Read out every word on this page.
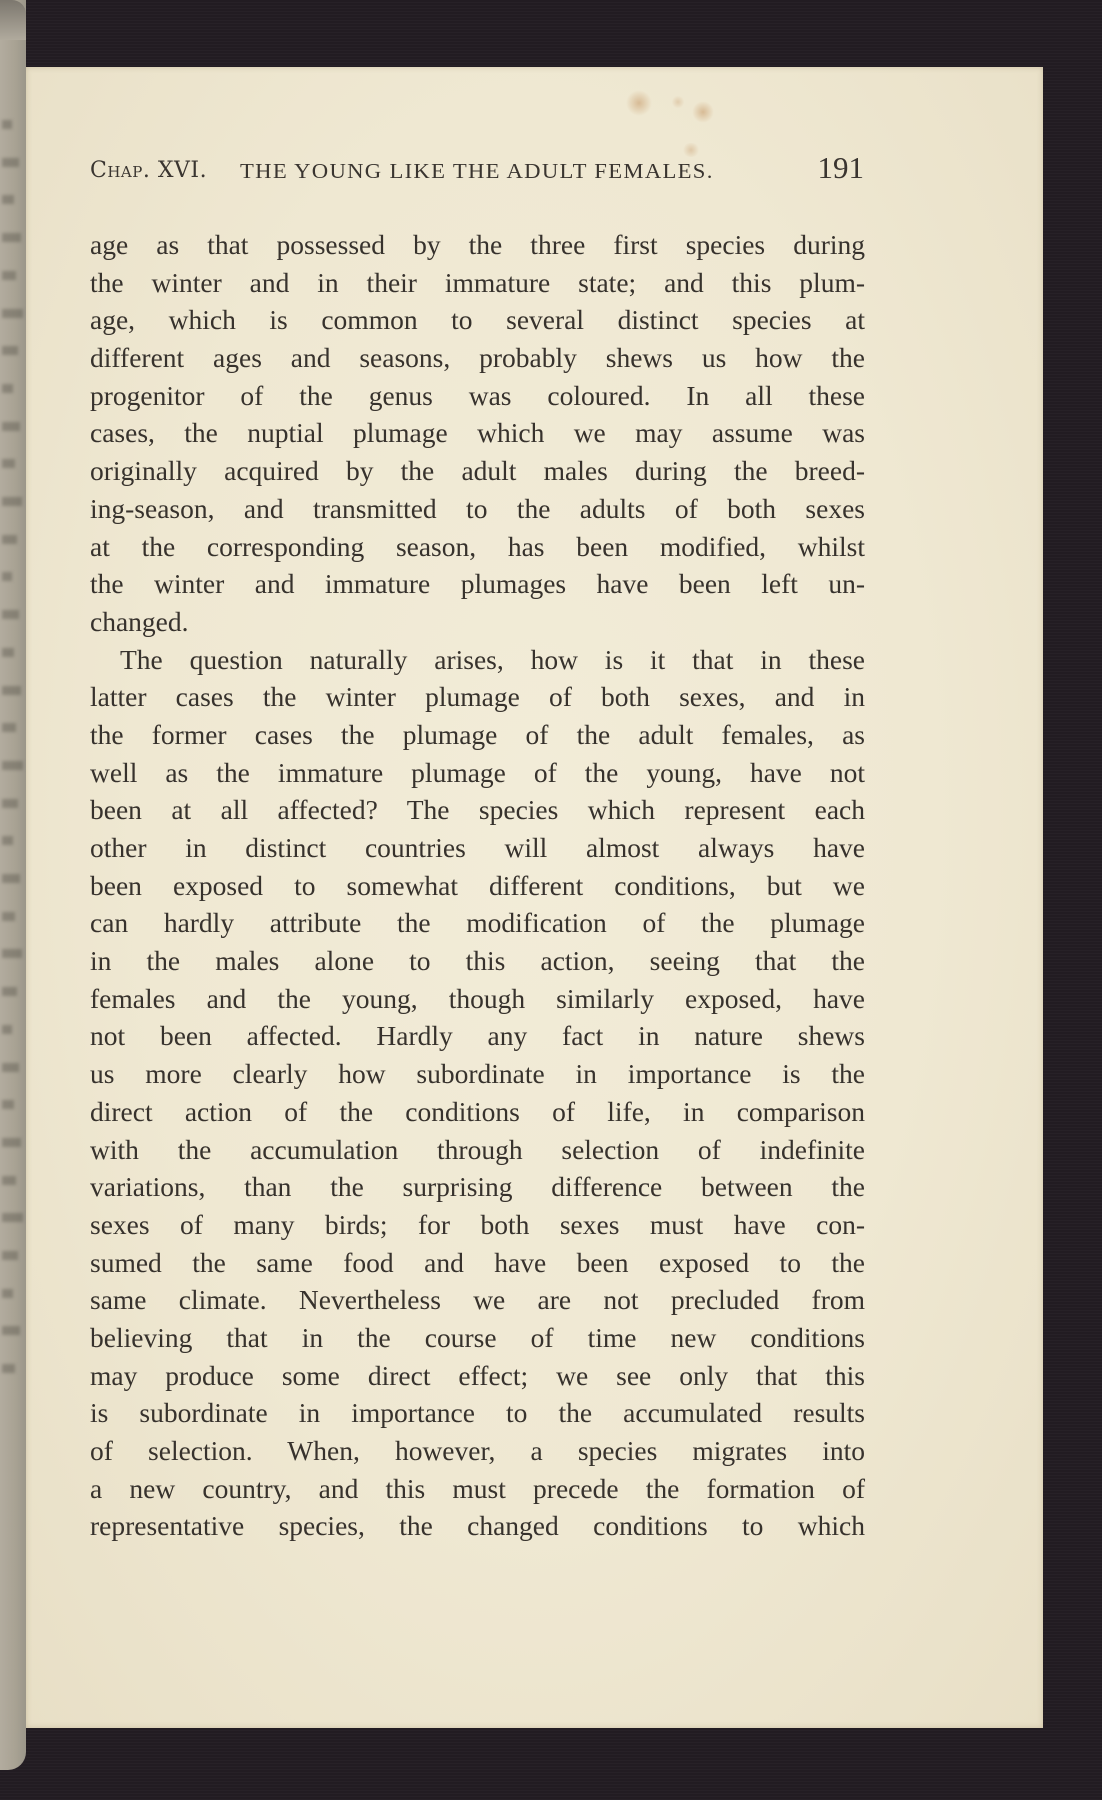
Chap. XVI. THE YOUNG LIKE THE ADULT FEMALES.	191
age as that possessed by the three first species during
the winter and in their immature state; and this plum-
age, which is common to several distinct species at
different ages and seasons, probably shews us how the
progenitor of the genus was coloured. In all these
cases, the nuptial plumage which we may assume was
originally acquired by the adult males during the breed-
ing-season, and transmitted to the adults of both sexes
at the corresponding season, has been modified, whilst
the winter and immature plumages have been left un-
changed.
The question naturally arises, how is it that in these
latter cases the winter plumage of both sexes, and in
the former cases the plumage of the adult females, as
well as the immature plumage of the young, have not
been at all affected? The species which represent each
other in distinct countries will almost always have
been exposed to somewhat different conditions, but we
can hardly attribute the modification of the plumage
in the males alone to this action, seeing that the
females and the young, though similarly exposed, have
not been affected. Hardly any fact in nature shews
us more clearly how subordinate in importance is the
direct action of the conditions of life, in comparison
with the accumulation through selection of indefinite
variations, than the surprising difference between the
sexes of many birds; for both sexes must have con-
sumed the same food and have been exposed to the
same climate. Nevertheless we are not precluded from
believing that in the course of time new conditions
may produce some direct effect; we see only that this
is subordinate in importance to the accumulated results
of selection. When, however, a species migrates into
a new country, and this must precede the formation of
representative species, the changed conditions to which
